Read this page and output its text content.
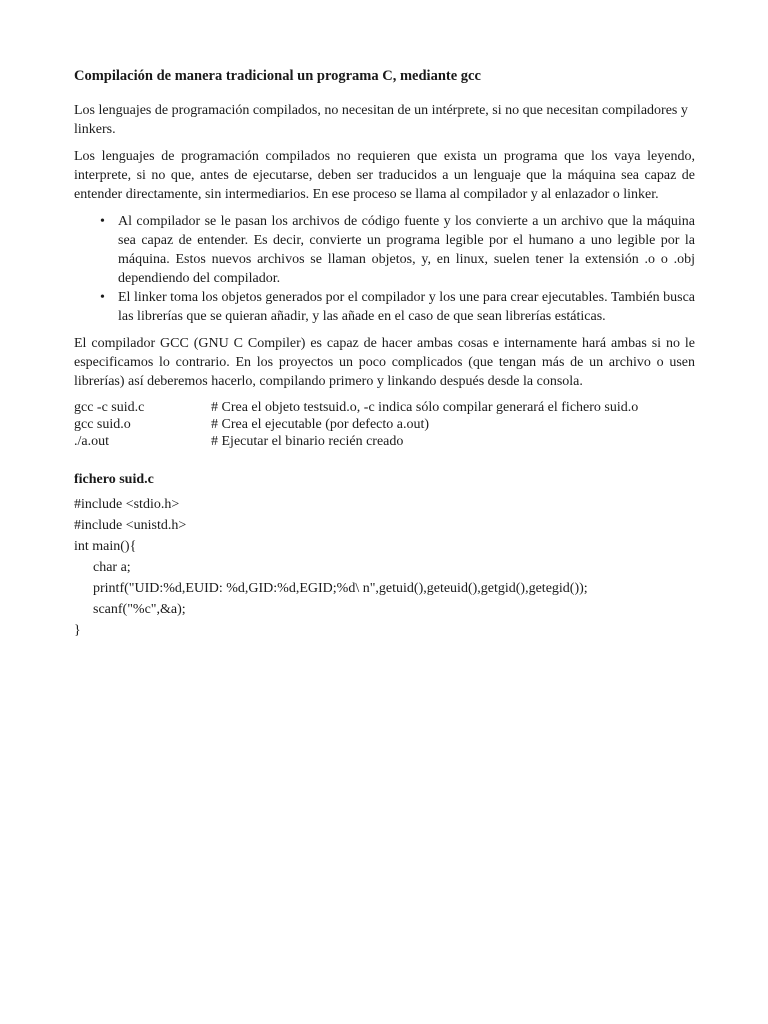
Compilación de manera tradicional un programa C, mediante gcc

Los lenguajes de programación compilados, no necesitan de un intérprete, si no que necesitan compiladores y linkers.

Los lenguajes de programación compilados no requieren que exista un programa que los vaya leyendo, interprete, si no que, antes de ejecutarse, deben ser traducidos a un lenguaje que la máquina sea capaz de entender directamente, sin intermediarios. En ese proceso se llama al compilador y al enlazador o linker.

• Al compilador se le pasan los archivos de código fuente y los convierte a un archivo que la máquina sea capaz de entender. Es decir, convierte un programa legible por el humano a uno legible por la máquina. Estos nuevos archivos se llaman objetos, y, en linux, suelen tener la extensión .o o .obj dependiendo del compilador.
• El linker toma los objetos generados por el compilador y los une para crear ejecutables. También busca las librerías que se quieran añadir, y las añade en el caso de que sean librerías estáticas.

El compilador GCC (GNU C Compiler) es capaz de hacer ambas cosas e internamente hará ambas si no le especificamos lo contrario. En los proyectos un poco complicados (que tengan más de un archivo o usen librerías) así deberemos hacerlo, compilando primero y linkando después desde la consola.

gcc -c suid.c	# Crea el objeto testsuid.o, -c indica sólo compilar generará el fichero suid.o
gcc suid.o	# Crea el ejecutable (por defecto a.out)
./a.out	# Ejecutar el binario recién creado
fichero suid.c
#include <stdio.h>
#include <unistd.h>
int main(){
char a;
printf("UID:%d,EUID: %d,GID:%d,EGID;%d\ n",getuid(),geteuid(),getgid(),getegid());
scanf("%c",&a);
}
